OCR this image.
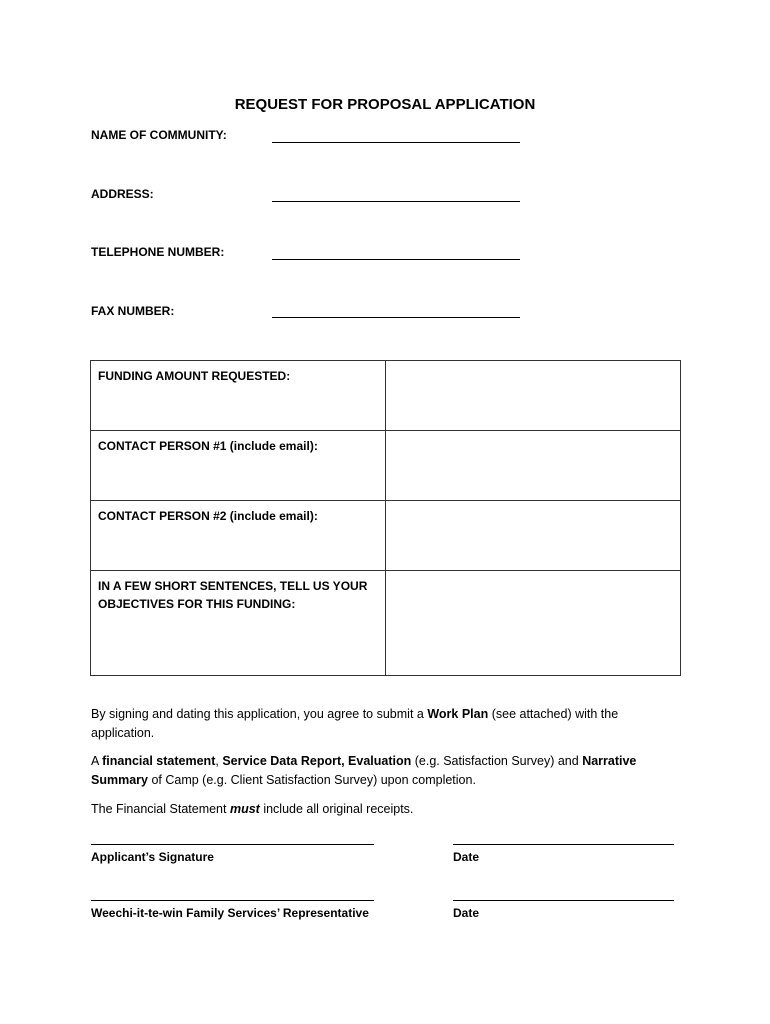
REQUEST FOR PROPOSAL APPLICATION
NAME OF COMMUNITY:
ADDRESS:
TELEPHONE NUMBER:
FAX NUMBER:
FUNDING AMOUNT REQUESTED:	
CONTACT PERSON #1 (include email):	
CONTACT PERSON #2 (include email):	
IN A FEW SHORT SENTENCES, TELL US YOUR
OBJECTIVES FOR THIS FUNDING:	
By signing and dating this application, you agree to submit a Work Plan (see attached) with the application.
A financial statement, Service Data Report, Evaluation (e.g. Satisfaction Survey) and Narrative Summary of Camp (e.g. Client Satisfaction Survey) upon completion.
The Financial Statement must include all original receipts.
Applicant’s Signature	Date
Weechi-it-te-win Family Services’ Representative	Date
